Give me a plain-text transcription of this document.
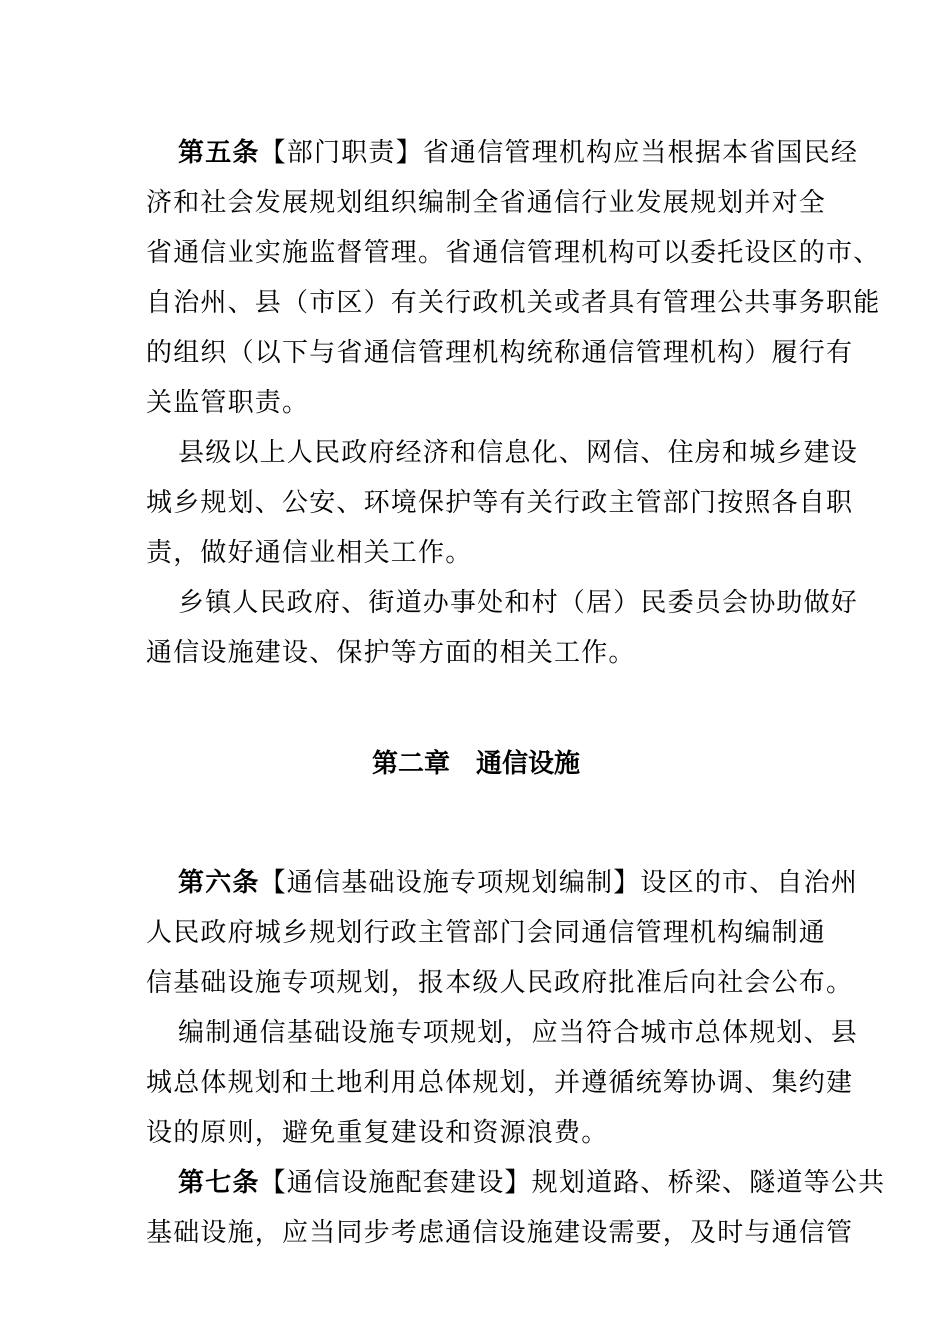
第五条【部门职责】省通信管理机构应当根据本省国民经
济和社会发展规划组织编制全省通信行业发展规划并对全
省通信业实施监督管理。省通信管理机构可以委托设区的市、
自治州、县（市区）有关行政机关或者具有管理公共事务职能
的组织（以下与省通信管理机构统称通信管理机构）履行有
关监管职责。
县级以上人民政府经济和信息化、网信、住房和城乡建设
城乡规划、公安、环境保护等有关行政主管部门按照各自职
责，做好通信业相关工作。
乡镇人民政府、街道办事处和村（居）民委员会协助做好
通信设施建设、保护等方面的相关工作。
第二章　通信设施
第六条【通信基础设施专项规划编制】设区的市、自治州
人民政府城乡规划行政主管部门会同通信管理机构编制通
信基础设施专项规划，报本级人民政府批准后向社会公布。
编制通信基础设施专项规划，应当符合城市总体规划、县
城总体规划和土地利用总体规划，并遵循统筹协调、集约建
设的原则，避免重复建设和资源浪费。
第七条【通信设施配套建设】规划道路、桥梁、隧道等公共
基础设施，应当同步考虑通信设施建设需要，及时与通信管
